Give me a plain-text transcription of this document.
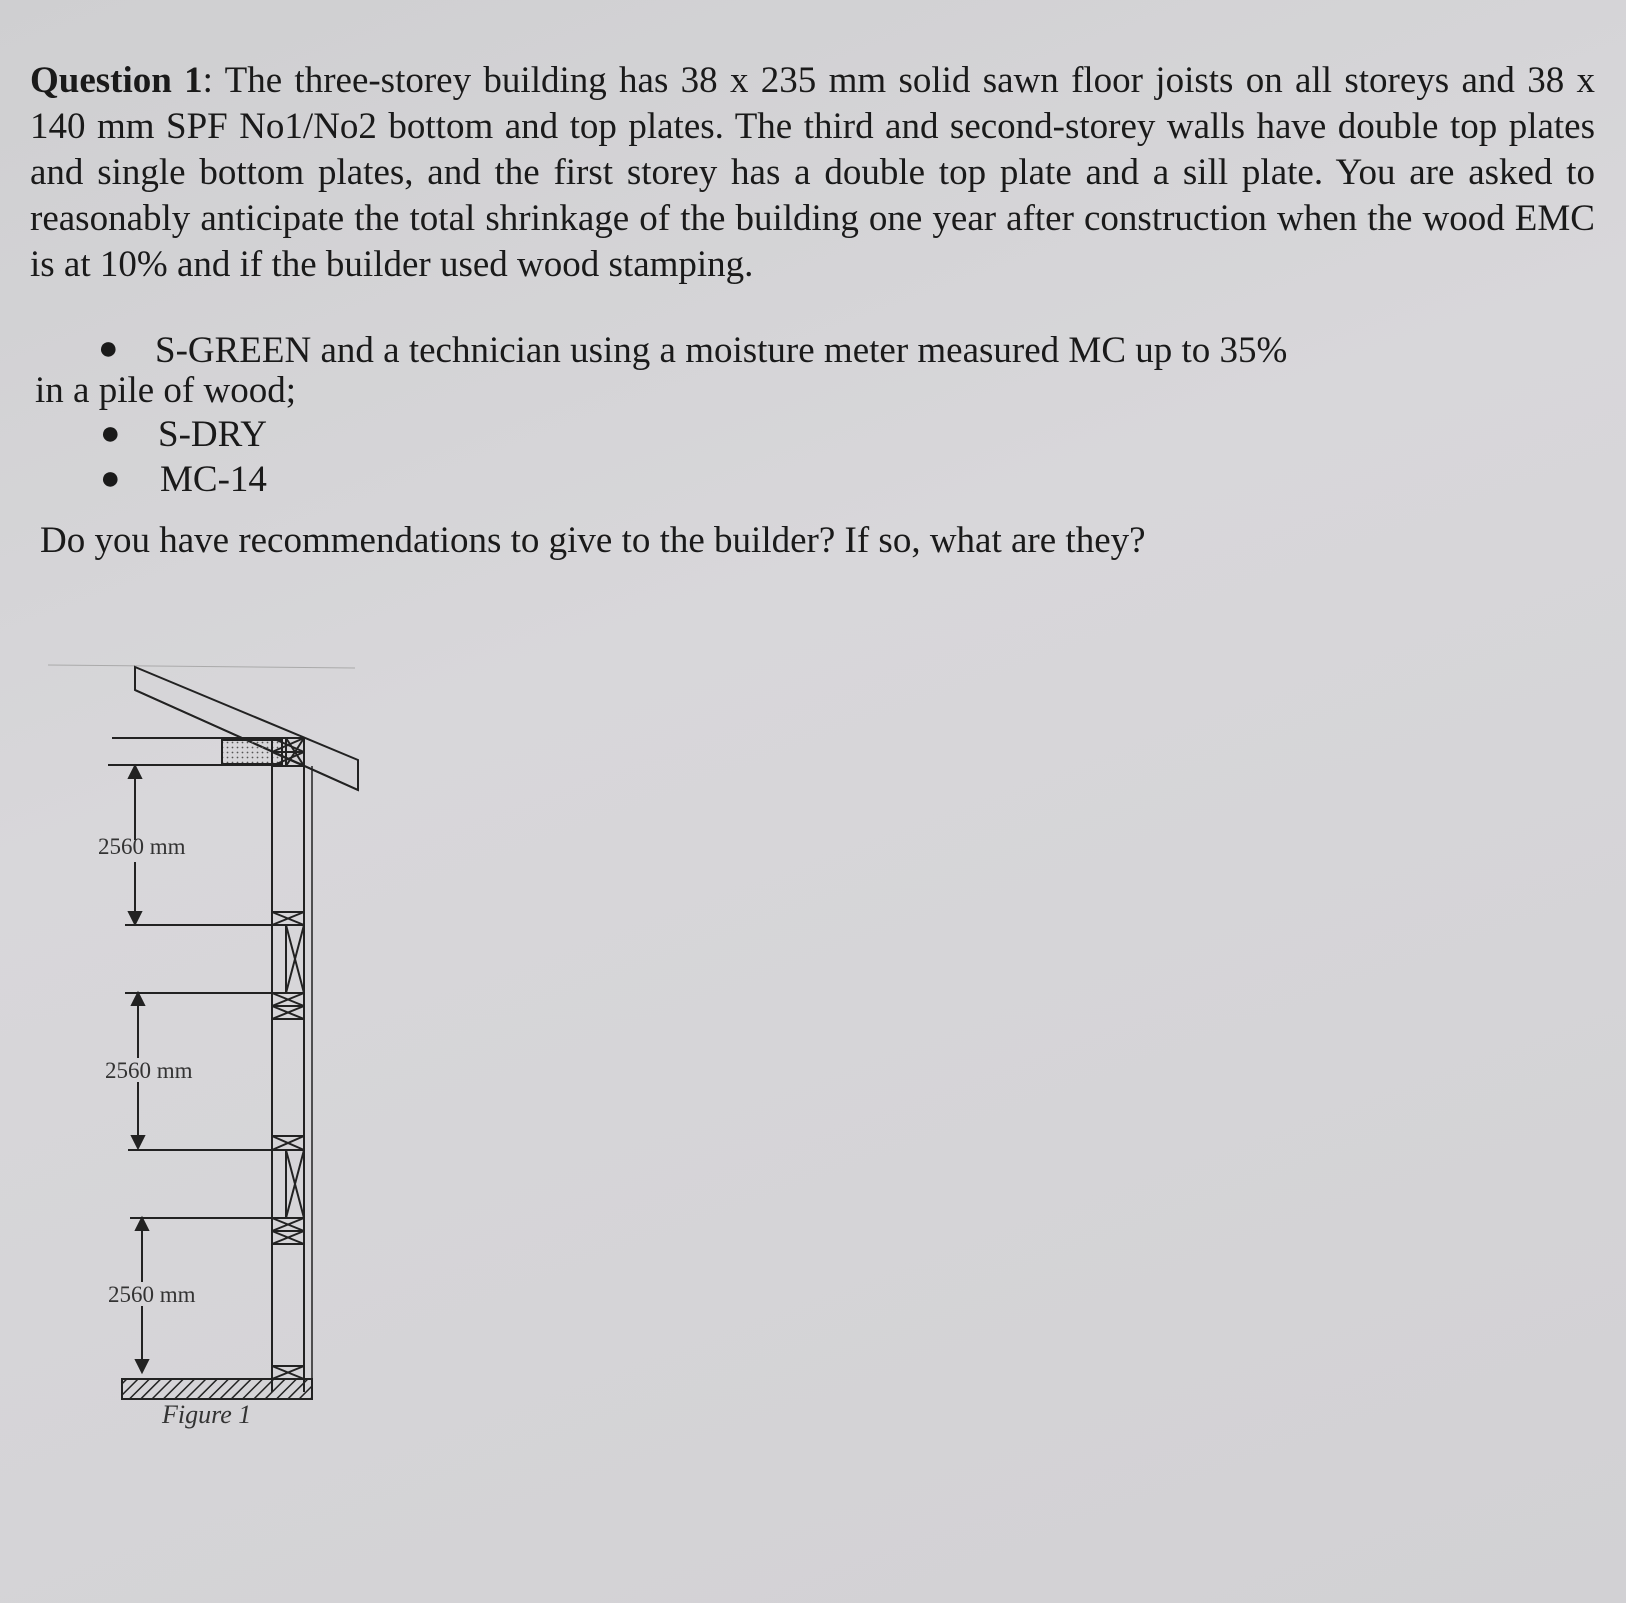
Question 1: The three-storey building has 38 x 235 mm solid sawn floor joists on all storeys and 38 x 140 mm SPF No1/No2 bottom and top plates. The third and second-storey walls have double top plates and single bottom plates, and the first storey has a double top plate and a sill plate. You are asked to reasonably anticipate the total shrinkage of the building one year after construction when the wood EMC is at 10% and if the builder used wood stamping.

● S-GREEN and a technician using a moisture meter measured MC up to 35%
in a pile of wood;
● S-DRY
● MC-14
Do you have recommendations to give to the builder? If so, what are they?
2560 mm
2560 mm
2560 mm
Figure 1
